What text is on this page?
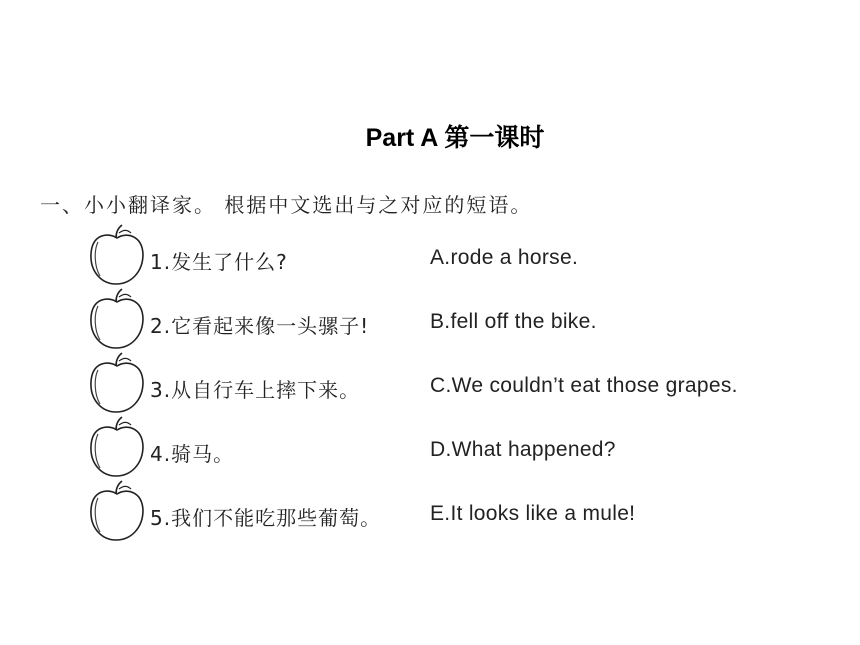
Part A 第一课时
一、小小翻译家。 根据中文选出与之对应的短语。
1.发生了什么?	A.rode a horse.
2.它看起来像一头骡子!	B.fell off the bike.
3.从自行车上摔下来。	C.We couldn’t eat those grapes.
4.骑马。	D.What happened?
5.我们不能吃那些葡萄。 E.It looks like a mule!
